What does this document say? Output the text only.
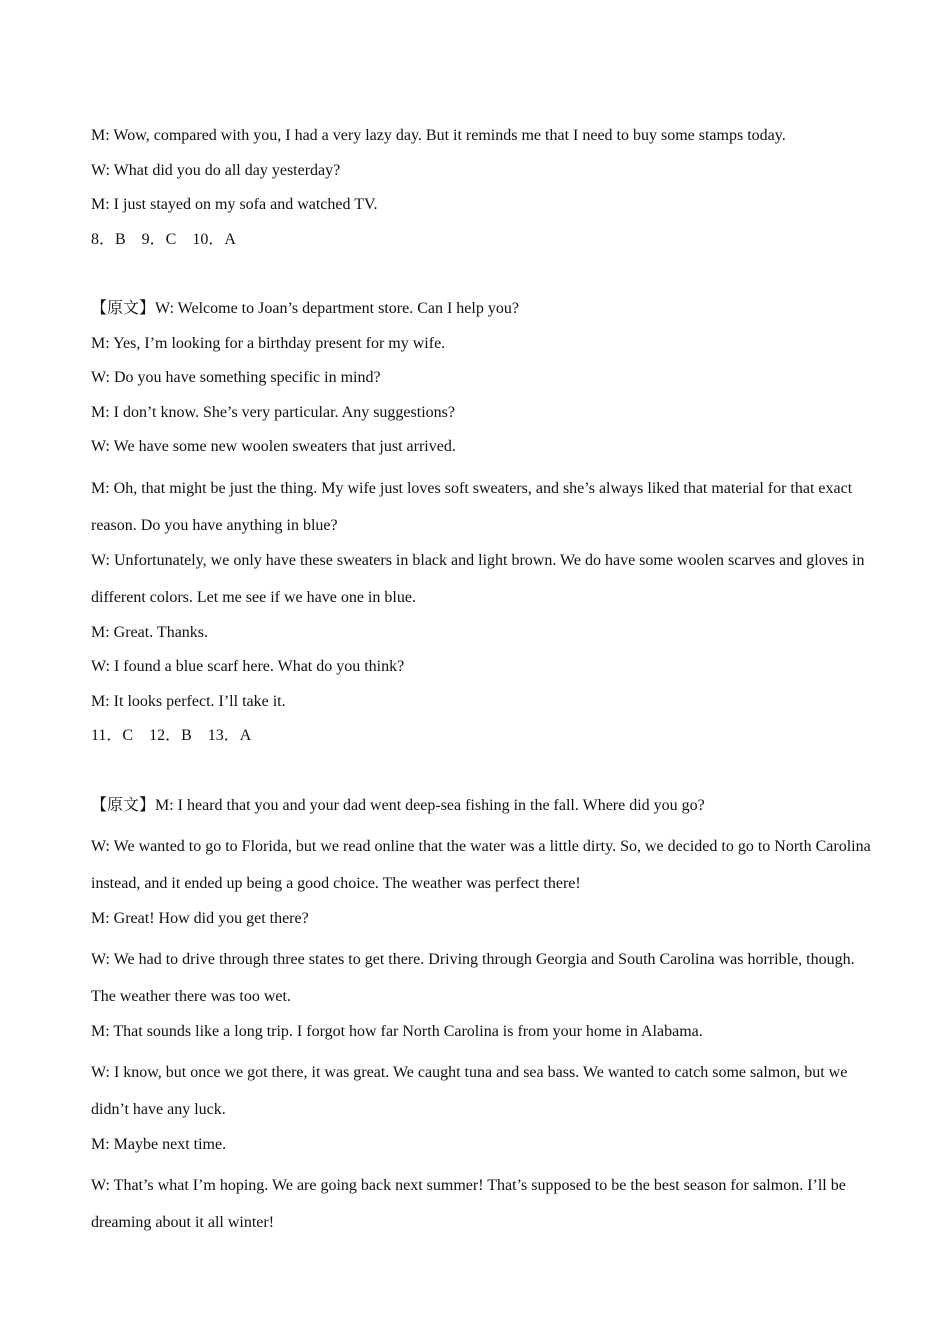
M: Wow, compared with you, I had a very lazy day. But it reminds me that I need to buy some stamps today.

W: What did you do all day yesterday?

M: I just stayed on my sofa and watched TV.

8．B　9．C　10．A

【原文】W: Welcome to Joan’s department store. Can I help you?

M: Yes, I’m looking for a birthday present for my wife.

W: Do you have something specific in mind?

M: I don’t know. She’s very particular. Any suggestions?

W: We have some new woolen sweaters that just arrived.

M: Oh, that might be just the thing. My wife just loves soft sweaters, and she’s always liked that material for that exact reason. Do you have anything in blue?

W: Unfortunately, we only have these sweaters in black and light brown. We do have some woolen scarves and gloves in different colors. Let me see if we have one in blue.

M: Great. Thanks.

W: I found a blue scarf here. What do you think?

M: It looks perfect. I’ll take it.

11．C　12．B　13．A

【原文】M: I heard that you and your dad went deep-sea fishing in the fall. Where did you go?

W: We wanted to go to Florida, but we read online that the water was a little dirty. So, we decided to go to North Carolina instead, and it ended up being a good choice. The weather was perfect there!

M: Great! How did you get there?

W: We had to drive through three states to get there. Driving through Georgia and South Carolina was horrible, though. The weather there was too wet.

M: That sounds like a long trip. I forgot how far North Carolina is from your home in Alabama.

W: I know, but once we got there, it was great. We caught tuna and sea bass. We wanted to catch some salmon, but we didn’t have any luck.

M: Maybe next time.

W: That’s what I’m hoping. We are going back next summer! That’s supposed to be the best season for salmon. I’ll be dreaming about it all winter!
